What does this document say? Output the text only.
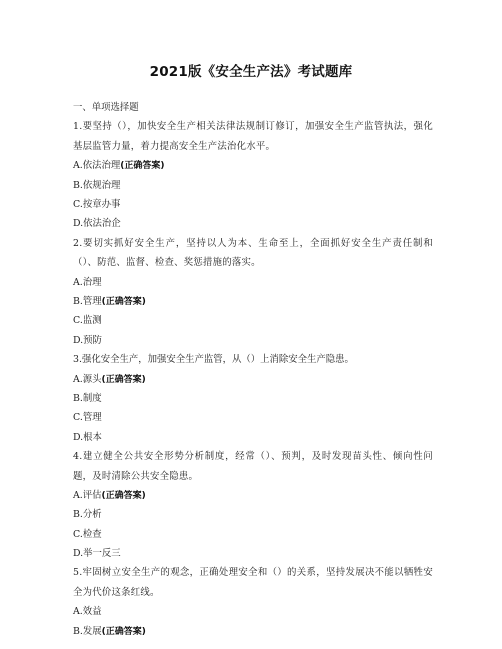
2021版《安全生产法》考试题库
一、单项选择题
1.要坚持（），加快安全生产相关法律法规制订修订，加强安全生产监管执法，强化基层监管力量，着力提高安全生产法治化水平。
A.依法治理(正确答案)
B.依规治理
C.按章办事
D.依法治企
2.要切实抓好安全生产，坚持以人为本、生命至上，全面抓好安全生产责任制和（）、防范、监督、检查、奖惩措施的落实。
A.治理
B.管理(正确答案)
C.监测
D.预防
3.强化安全生产，加强安全生产监管，从（）上消除安全生产隐患。
A.源头(正确答案)
B.制度
C.管理
D.根本
4.建立健全公共安全形势分析制度，经常（）、预判，及时发现苗头性、倾向性问题，及时清除公共安全隐患。
A.评估(正确答案)
B.分析
C.检查
D.举一反三
5.牢固树立安全生产的观念，正确处理安全和（）的关系，坚持发展决不能以牺牲安全为代价这条红线。
A.效益
B.发展(正确答案)
